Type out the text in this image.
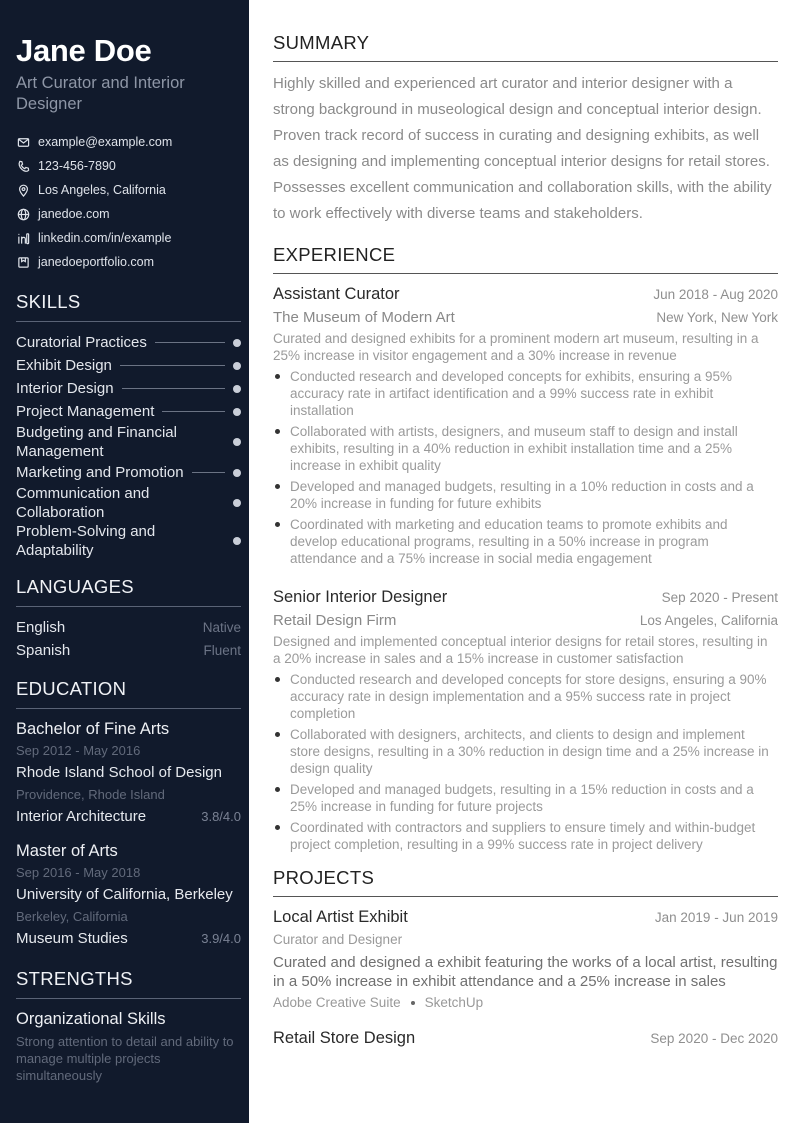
Jane Doe
Art Curator and Interior Designer
example@example.com
123-456-7890
Los Angeles, California
janedoe.com
linkedin.com/in/example
janedoeportfolio.com
SKILLS
Curatorial Practices
Exhibit Design
Interior Design
Project Management
Budgeting and Financial Management
Marketing and Promotion
Communication and Collaboration
Problem-Solving and Adaptability
LANGUAGES
English	Native
Spanish	Fluent
EDUCATION
Bachelor of Fine Arts
Sep 2012 - May 2016
Rhode Island School of Design
Providence, Rhode Island
Interior Architecture	3.8/4.0
Master of Arts
Sep 2016 - May 2018
University of California, Berkeley
Berkeley, California
Museum Studies	3.9/4.0
STRENGTHS
Organizational Skills
Strong attention to detail and ability to manage multiple projects simultaneously
SUMMARY

Highly skilled and experienced art curator and interior designer with a strong background in museological design and conceptual interior design. Proven track record of success in curating and designing exhibits, as well as designing and implementing conceptual interior designs for retail stores. Possesses excellent communication and collaboration skills, with the ability to work effectively with diverse teams and stakeholders.

EXPERIENCE
Assistant Curator	Jun 2018 - Aug 2020
The Museum of Modern Art	New York, New York
Curated and designed exhibits for a prominent modern art museum, resulting in a 25% increase in visitor engagement and a 30% increase in revenue
Conducted research and developed concepts for exhibits, ensuring a 95% accuracy rate in artifact identification and a 99% success rate in exhibit installation
Collaborated with artists, designers, and museum staff to design and install exhibits, resulting in a 40% reduction in exhibit installation time and a 25% increase in exhibit quality
Developed and managed budgets, resulting in a 10% reduction in costs and a 20% increase in funding for future exhibits
Coordinated with marketing and education teams to promote exhibits and develop educational programs, resulting in a 50% increase in program attendance and a 75% increase in social media engagement
Senior Interior Designer	Sep 2020 - Present
Retail Design Firm	Los Angeles, California
Designed and implemented conceptual interior designs for retail stores, resulting in a 20% increase in sales and a 15% increase in customer satisfaction
Conducted research and developed concepts for store designs, ensuring a 90% accuracy rate in design implementation and a 95% success rate in project completion
Collaborated with designers, architects, and clients to design and implement store designs, resulting in a 30% reduction in design time and a 25% increase in design quality
Developed and managed budgets, resulting in a 15% reduction in costs and a 25% increase in funding for future projects
Coordinated with contractors and suppliers to ensure timely and within-budget project completion, resulting in a 99% success rate in project delivery
PROJECTS
Local Artist Exhibit	Jan 2019 - Jun 2019
Curator and Designer
Curated and designed a exhibit featuring the works of a local artist, resulting in a 50% increase in exhibit attendance and a 25% increase in sales
Adobe Creative Suite SketchUp
Retail Store Design	Sep 2020 - Dec 2020
